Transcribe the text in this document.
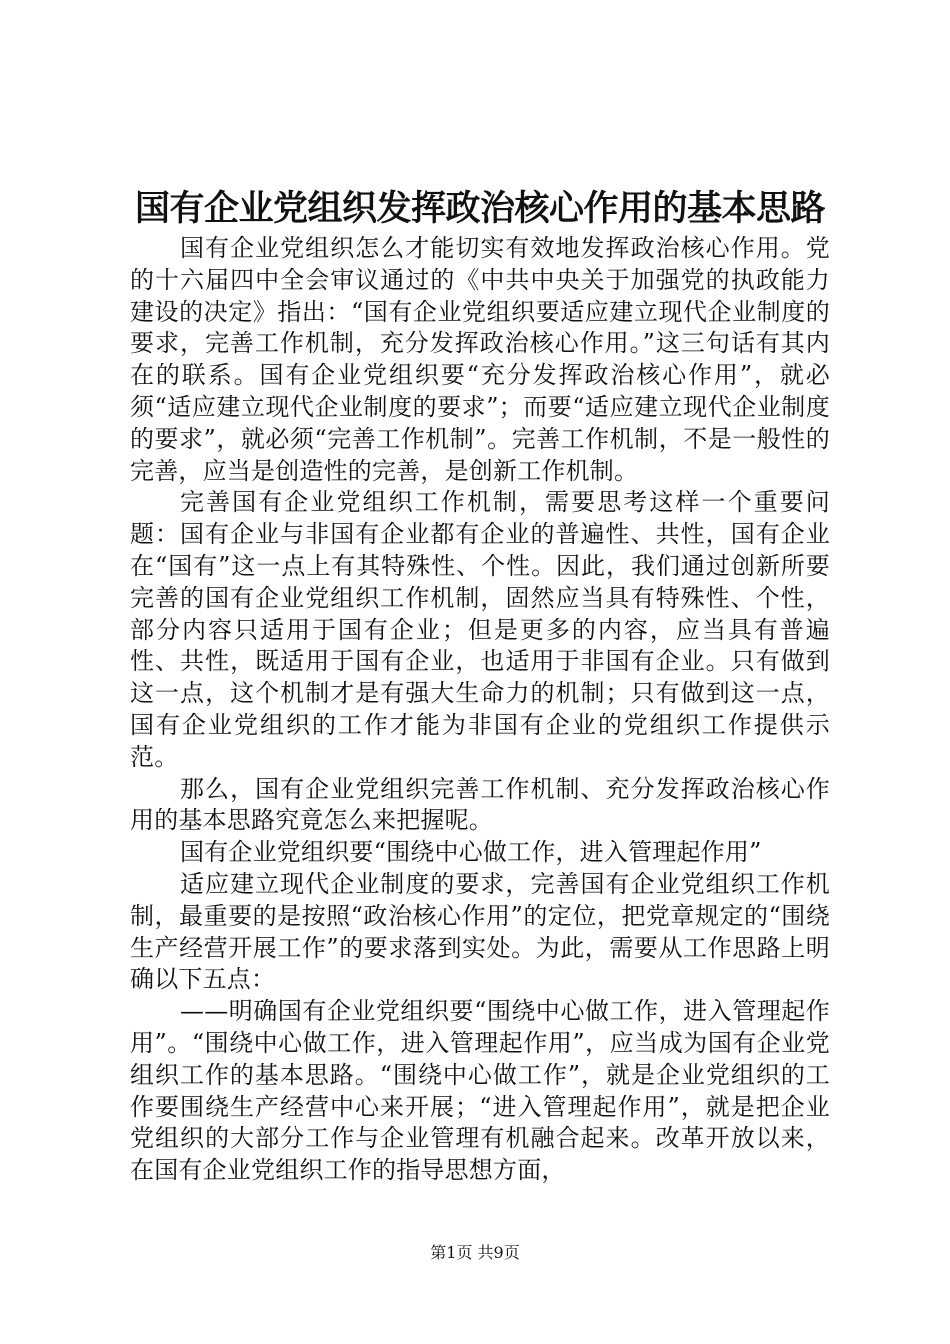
国有企业党组织发挥政治核心作用的基本思路

国有企业党组织怎么才能切实有效地发挥政治核心作用。党的十六届四中全会审议通过的《中共中央关于加强党的执政能力建设的决定》指出：“国有企业党组织要适应建立现代企业制度的要求，完善工作机制，充分发挥政治核心作用。”这三句话有其内在的联系。国有企业党组织要“充分发挥政治核心作用”，就必须“适应建立现代企业制度的要求”；而要“适应建立现代企业制度的要求”，就必须“完善工作机制”。完善工作机制，不是一般性的完善，应当是创造性的完善，是创新工作机制。

完善国有企业党组织工作机制，需要思考这样一个重要问题：国有企业与非国有企业都有企业的普遍性、共性，国有企业在“国有”这一点上有其特殊性、个性。因此，我们通过创新所要完善的国有企业党组织工作机制，固然应当具有特殊性、个性，部分内容只适用于国有企业；但是更多的内容，应当具有普遍性、共性，既适用于国有企业，也适用于非国有企业。只有做到这一点，这个机制才是有强大生命力的机制；只有做到这一点，国有企业党组织的工作才能为非国有企业的党组织工作提供示范。

那么，国有企业党组织完善工作机制、充分发挥政治核心作用的基本思路究竟怎么来把握呢。

国有企业党组织要“围绕中心做工作，进入管理起作用”

适应建立现代企业制度的要求，完善国有企业党组织工作机制，最重要的是按照“政治核心作用”的定位，把党章规定的“围绕生产经营开展工作”的要求落到实处。为此，需要从工作思路上明确以下五点：

——明确国有企业党组织要“围绕中心做工作，进入管理起作用”。“围绕中心做工作，进入管理起作用”，应当成为国有企业党组织工作的基本思路。“围绕中心做工作”，就是企业党组织的工作要围绕生产经营中心来开展；“进入管理起作用”，就是把企业党组织的大部分工作与企业管理有机融合起来。改革开放以来，在国有企业党组织工作的指导思想方面，

第1页 共9页
